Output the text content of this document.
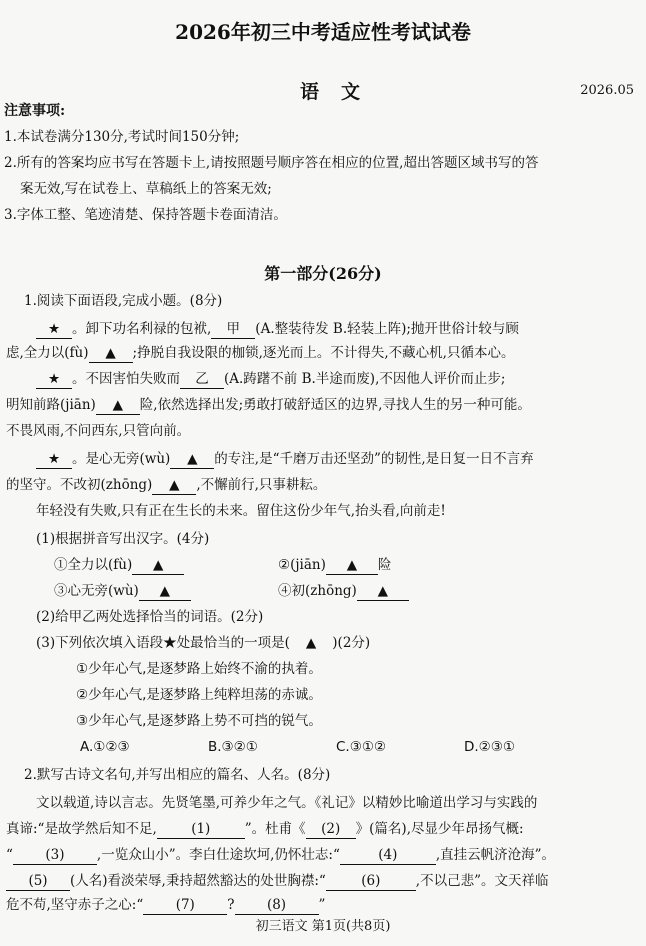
2026年初三中考适应性考试试卷
语文	2026.05
注意事项:
1.本试卷满分130分,考试时间150分钟;
2.所有的答案均应书写在答题卡上,请按照题号顺序答在相应的位置,超出答题区域书写的答
案无效,写在试卷上、草稿纸上的答案无效;
3.字体工整、笔迹清楚、保持答题卡卷面清洁。
第一部分(26分)
1.阅读下面语段,完成小题。(8分)
★ 。卸下功名利禄的包袱, 甲 (A.整装待发 B.轻装上阵);抛开世俗计较与顾
虑,全力以(fù) ▲ ;挣脱自我设限的枷锁,逐光而上。不计得失,不藏心机,只循本心。
★ 。不因害怕失败而 乙 (A.踌躇不前 B.半途而废),不因他人评价而止步;
明知前路(jiān) ▲ 险,依然选择出发;勇敢打破舒适区的边界,寻找人生的另一种可能。
不畏风雨,不问西东,只管向前。
★ 。是心无旁(wù) ▲ 的专注,是“千磨万击还坚劲”的韧性,是日复一日不言弃
的坚守。不改初(zhōng) ▲ ,不懈前行,只事耕耘。
年轻没有失败,只有正在生长的未来。留住这份少年气,抬头看,向前走!
(1)根据拼音写出汉字。(4分)
①全力以(fù) ▲	②(jiān) ▲ 险
③心无旁(wù) ▲	④初(zhōng) ▲
(2)给甲乙两处选择恰当的词语。(2分)
(3)下列依次填入语段★处最恰当的一项是( ▲ )(2分)
①少年心气,是逐梦路上始终不渝的执着。
②少年心气,是逐梦路上纯粹坦荡的赤诚。
③少年心气,是逐梦路上势不可挡的锐气。
A.①②③	B.③②①	C.③①②	D.②③①
2.默写古诗文名句,并写出相应的篇名、人名。(8分)
文以载道,诗以言志。先贤笔墨,可养少年之气。《礼记》以精妙比喻道出学习与实践的
真谛:“是故学然后知不足,	(1)	”。杜甫《 (2) 》(篇名),尽显少年昂扬气概:
“ (3) ,一览众山小”。李白仕途坎坷,仍怀壮志:“	(4)	,直挂云帆济沧海”。
(5) (人名)看淡荣辱,秉持超然豁达的处世胸襟:“	(6)	,不以己悲”。文天祥临
危不苟,坚守赤子之心:“ (7) ? (8) ”
初三语文 第1页(共8页)
